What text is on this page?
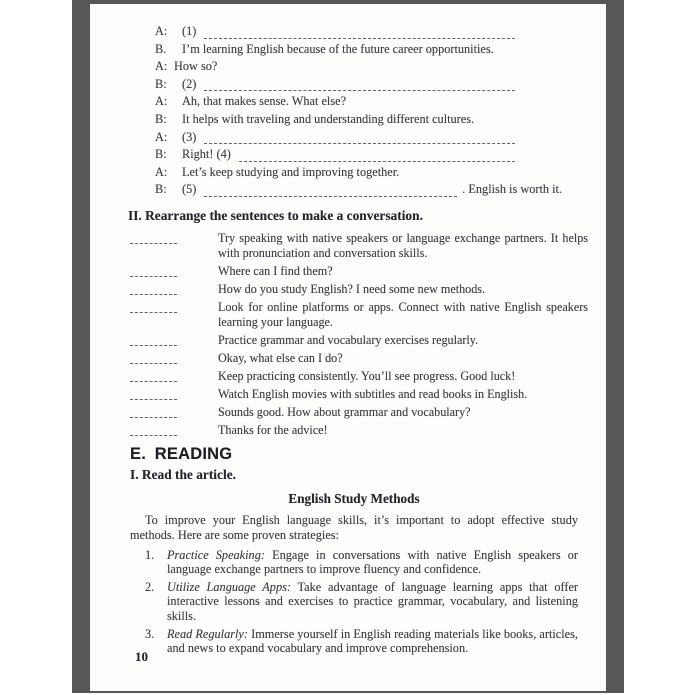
A:	(1)
B.	I’m learning English because of the future career opportunities.
A: How so?
B:	(2)
A:	Ah, that makes sense. What else?
B:	It helps with traveling and understanding different cultures.
A:	(3)
B:	Right! (4)
A:	Let’s keep studying and improving together.
B:	(5)	. English is worth it.
II. Rearrange the sentences to make a conversation.
Try speaking with native speakers or language exchange partners. It helps with pronunciation and conversation skills.
Where can I find them?
How do you study English? I need some new methods.
Look for online platforms or apps. Connect with native English speakers learning your language.
Practice grammar and vocabulary exercises regularly.
Okay, what else can I do?
Keep practicing consistently. You’ll see progress. Good luck!
Watch English movies with subtitles and read books in English.
Sounds good. How about grammar and vocabulary?
Thanks for the advice!
E. READING
I. Read the article.
English Study Methods

To improve your English language skills, it’s important to adopt effective study methods. Here are some proven strategies:

1.	Practice Speaking: Engage in conversations with native English speakers or language exchange partners to improve fluency and confidence.
2.	Utilize Language Apps: Take advantage of language learning apps that offer interactive lessons and exercises to practice grammar, vocabulary, and listening skills.
3.	Read Regularly: Immerse yourself in English reading materials like books, articles, and news to expand vocabulary and improve comprehension.
10
